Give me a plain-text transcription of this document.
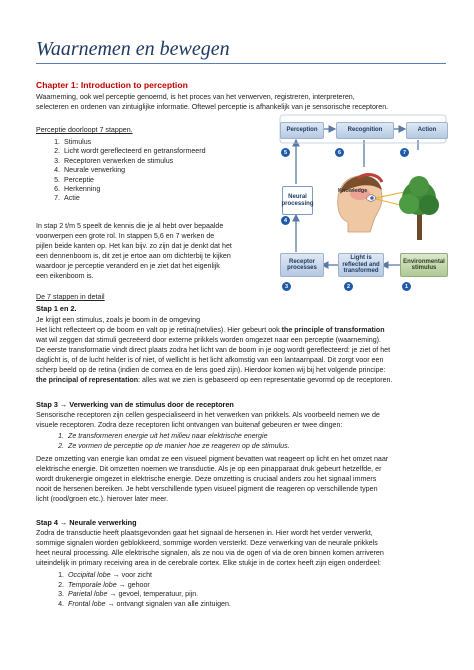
Waarnemen en bewegen
Chapter 1: Introduction to perception

Waarneming, ook wel perceptie genoemd, is het proces van het verwerven, registreren, interpreteren,

selecteren en ordenen van zintuiglijke informatie. Oftewel perceptie is afhankelijk van je sensorische receptoren.

Perceptie doorloopt 7 stappen.

1. Stimulus
2. Licht wordt gereflecteerd en getransformeerd
3. Receptoren verwerken de stimulus
4. Neurale verwerking
5. Perceptie
6. Herkenning
7. Actie

In stap 2 t/m 5 speelt de kennis die je al hebt over bepaalde

voorwerpen een grote rol. In stappen 5,6 en 7 werken de

pijlen beide kanten op. Het kan bijv. zo zijn dat je denkt dat het

een dennenboom is, dit zet je ertoe aan om dichterbij te kijken

waardoor je perceptie veranderd en je ziet dat het eigenlijk

een eikenboom is.

Perception	Recognition	Action
5	6	7
Neural processing
4
Knowledge
Receptor processes
Light is reflected and transformed
Environmental stimulus
3	2	1

De 7 stappen in detail

Stap 1 en 2.

Je krijgt een stimulus, zoals je boom in de omgeving

Het licht reflecteert op de boom en valt op je retina(netvlies). Hier gebeurt ook the principle of transformation

wat wil zeggen dat stimuli gecreëerd door externe prikkels worden omgezet naar een perceptie (waarneming).

De eerste transformatie vindt direct plaats zodra het licht van de boom in je oog wordt gereflecteerd: je ziet of het

daglicht is, of de lucht helder is of niet, of wellicht is het licht afkomstig van een lantaarnpaal. Dit zorgt voor een

scherp beeld op de retina (indien de cornea en de lens goed zijn). Hierdoor komen wij bij het volgende principe:

the principal of representation: alles wat we zien is gebaseerd op een representatie gevormd op de receptoren.

Stap 3 → Verwerking van de stimulus door de receptoren

Sensorische receptoren zijn cellen gespecialiseerd in het verwerken van prikkels. Als voorbeeld nemen we de

visuele receptoren. Zodra deze receptoren licht ontvangen van buitenaf gebeuren er twee dingen:

1. Ze transformeren energie uit het milieu naar elektrische energie
2. Ze vormen de perceptie op de manier hoe ze reageren op de stimulus.

Deze omzetting van energie kan omdat ze een visueel pigment bevatten wat reageert op licht en het omzet naar

elektrische energie. Dit omzetten noemen we transductie. Als je op een pinapparaat druk gebeurt hetzelfde, er

wordt drukenergie omgezet in elektrische energie. Deze omzetting is cruciaal anders zou het signaal immers

nooit de hersenen bereiken. Je hebt verschillende typen visueel pigment die reageren op verschillende typen

licht (rood/groen etc.). hierover later meer.

Stap 4 → Neurale verwerking

Zodra de transductie heeft plaatsgevonden gaat het signaal de hersenen in. Hier wordt het verder verwerkt,

sommige signalen worden geblokkeerd, sommige worden versterkt. Deze verwerking van de neurale prikkels

heet neural processing. Alle elektrische signalen, als ze nou via de ogen of via de oren binnen komen arriveren

uiteindelijk in primary receiving area in de cerebrale cortex. Elke stukje in de cortex heeft zijn eigen onderdeel:

1. Occipital lobe → voor zicht
2. Temporale lobe → gehoor
3. Parietal lobe → gevoel, temperatuur, pijn.
4. Frontal lobe → ontvangt signalen van alle zintuigen.
